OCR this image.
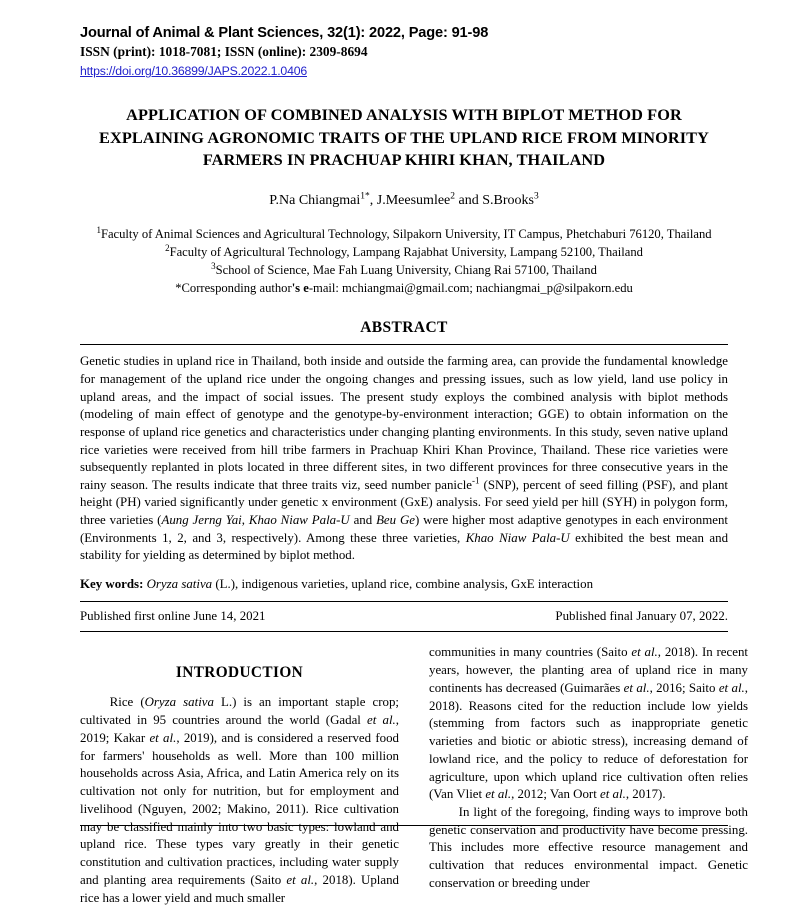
Journal of Animal & Plant Sciences, 32(1): 2022, Page: 91-98
ISSN (print): 1018-7081; ISSN (online): 2309-8694
https://doi.org/10.36899/JAPS.2022.1.0406
APPLICATION OF COMBINED ANALYSIS WITH BIPLOT METHOD FOR EXPLAINING AGRONOMIC TRAITS OF THE UPLAND RICE FROM MINORITY FARMERS IN PRACHUAP KHIRI KHAN, THAILAND
P.Na Chiangmai$^{1*}$, J.Meesumlee$^2$ and S.Brooks$^3$
$^1$Faculty of Animal Sciences and Agricultural Technology, Silpakorn University, IT Campus, Phetchaburi 76120, Thailand
$^2$Faculty of Agricultural Technology, Lampang Rajabhat University, Lampang 52100, Thailand
$^3$School of Science, Mae Fah Luang University, Chiang Rai 57100, Thailand
*Corresponding author's e-mail: mchiangmai@gmail.com; nachiangmai_p@silpakorn.edu
ABSTRACT
Genetic studies in upland rice in Thailand, both inside and outside the farming area, can provide the fundamental knowledge for management of the upland rice under the ongoing changes and pressing issues, such as low yield, land use policy in upland areas, and the impact of social issues. The present study exploys the combined analysis with biplot methods (modeling of main effect of genotype and the genotype-by-environment interaction; GGE) to obtain information on the response of upland rice genetics and characteristics under changing planting environments. In this study, seven native upland rice varieties were received from hill tribe farmers in Prachuap Khiri Khan Province, Thailand. These rice varieties were subsequently replanted in plots located in three different sites, in two different provinces for three consecutive years in the rainy season. The results indicate that three traits viz, seed number panicle$^{-1}$ (SNP), percent of seed filling (PSF), and plant height (PH) varied significantly under genetic x environment (GxE) analysis. For seed yield per hill (SYH) in polygon form, three varieties (Aung Jerng Yai, Khao Niaw Pala-U and Beu Ge) were higher most adaptive genotypes in each environment (Environments 1, 2, and 3, respectively). Among these three varieties, Khao Niaw Pala-U exhibited the best mean and stability for yielding as determined by biplot method.
Key words: Oryza sativa (L.), indigenous varieties, upland rice, combine analysis, GxE interaction
Published first online June 14, 2021	Published final January 07, 2022.
INTRODUCTION

Rice (Oryza sativa L.) is an important staple crop; cultivated in 95 countries around the world (Gadal et al., 2019; Kakar et al., 2019), and is considered a reserved food for farmers' households as well. More than 100 million households across Asia, Africa, and Latin America rely on its cultivation not only for nutrition, but for employment and livelihood (Nguyen, 2002; Makino, 2011). Rice cultivation may be classified mainly into two basic types: lowland and upland rice. These types vary greatly in their genetic constitution and cultivation practices, including water supply and planting area requirements (Saito et al., 2018). Upland rice has a lower yield and much smaller

communities in many countries (Saito et al., 2018). In recent years, however, the planting area of upland rice in many continents has decreased (Guimarães et al., 2016; Saito et al., 2018). Reasons cited for the reduction include low yields (stemming from factors such as inappropriate genetic varieties and biotic or abiotic stress), increasing demand of lowland rice, and the policy to reduce of deforestation for agriculture, upon which upland rice cultivation often relies (Van Vliet et al., 2012; Van Oort et al., 2017).

In light of the foregoing, finding ways to improve both genetic conservation and productivity have become pressing. This includes more effective resource management and cultivation that reduces environmental impact. Genetic conservation or breeding under
